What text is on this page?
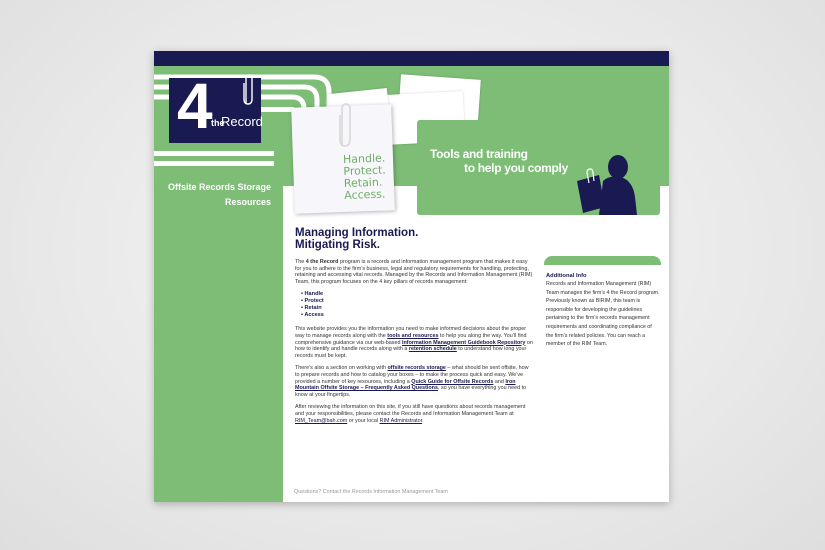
4 the
Record
Handle.
Protect.
Retain.
Access.
Tools and training
to help you comply
Offsite Records Storage
Resources
Managing Information.
Mitigating Risk.

The 4 the Record program is a records and information management program that makes it easy for you to adhere to the firm’s business, legal and regulatory requirements for handling, protecting, retaining and accessing vital records. Managed by the Records and Information Management (RIM) Team, this program focuses on the 4 key pillars of records management:

• Handle
• Protect
• Retain
• Access

This website provides you the information you need to make informed decisions about the proper way to manage records along with the tools and resources to help you along the way. You’ll find comprehensive guidance via our web-based Information Management Guidebook Repository on how to identify and handle records along with a retention schedule to understand how long your records must be kept.

There’s also a section on working with offsite records storage – what should be sent offsite, how to prepare records and how to catalog your boxes – to make the process quick and easy. We’ve provided a number of key resources, including a Quick Guide for Offsite Records and Iron Mountain Offsite Storage – Frequently Asked Questions, so you have everything you need to know at your fingertips.

After reviewing the information on this site, if you still have questions about records management and your responsibilities, please contact the Records and Information Management Team at RIM_Team@bah.com or your local RIM Administrator.

Additional Info

Records and Information Management (RIM) Team manages the firm’s 4 the Record program. Previously known as BIRIM, this team is responsible for developing the guidelines pertaining to the firm’s records management requirements and coordinating compliance of the firm’s related policies. You can reach a member of the RIM Team.

Questions? Contact the Records Information Management Team
